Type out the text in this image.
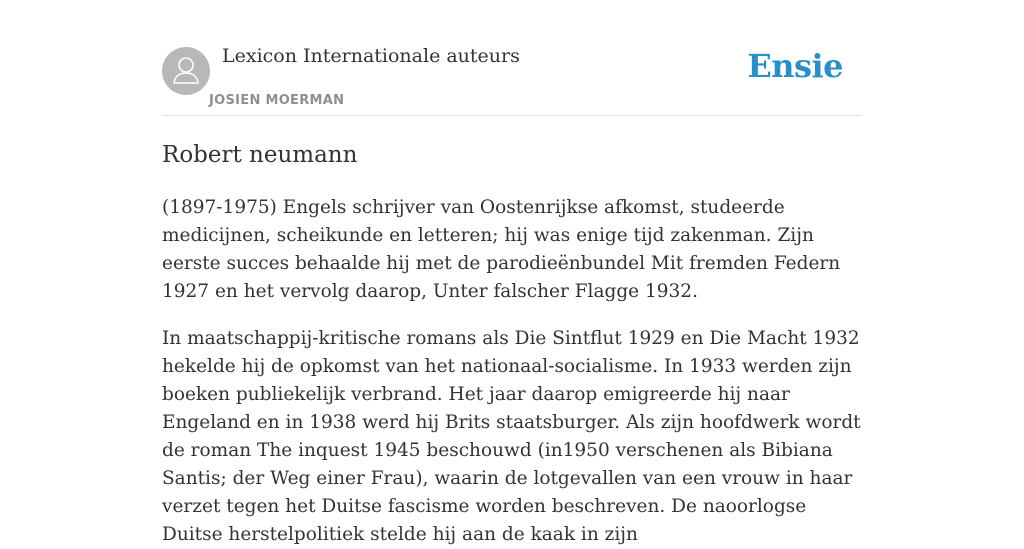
Lexicon Internationale auteurs
JOSIEN MOERMAN
Ensie
Robert neumann

(1897-1975) Engels schrijver van Oostenrijkse afkomst, studeerde medicijnen, scheikunde en letteren; hij was enige tijd zakenman. Zijn eerste succes behaalde hij met de parodieënbundel Mit fremden Federn 1927 en het vervolg daarop, Unter falscher Flagge 1932.

In maatschappij-kritische romans als Die Sintflut 1929 en Die Macht 1932 hekelde hij de opkomst van het nationaal-socialisme. In 1933 werden zijn boeken publiekelijk verbrand. Het jaar daarop emigreerde hij naar Engeland en in 1938 werd hij Brits staatsburger. Als zijn hoofdwerk wordt de roman The inquest 1945 beschouwd (in1950 verschenen als Bibiana Santis; der Weg einer Frau), waarin de lotgevallen van een vrouw in haar verzet tegen het Duitse fascisme worden beschreven. De naoorlogse Duitse herstelpolitiek stelde hij aan de kaak in zijn
